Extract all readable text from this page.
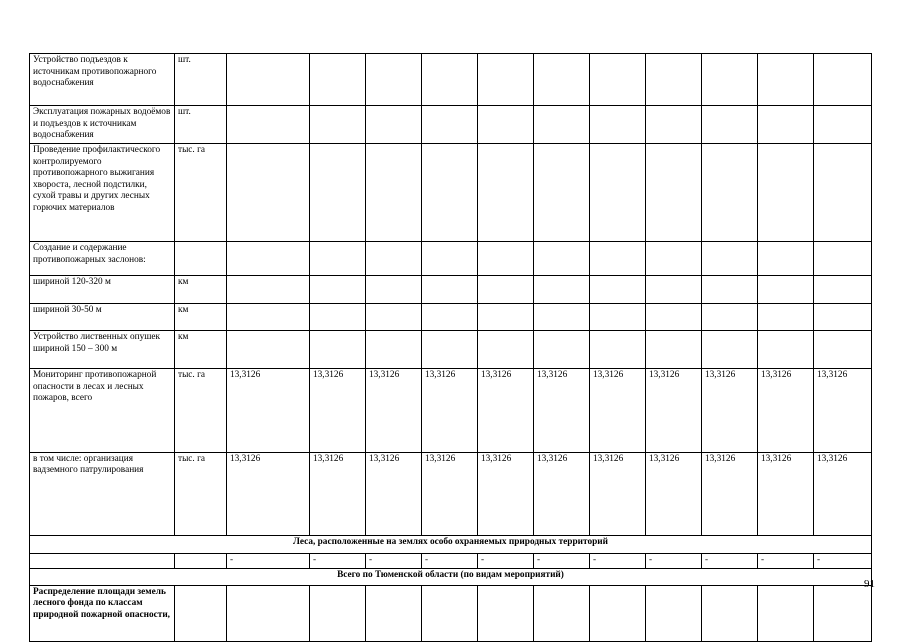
Устройство подъездов к источникам противопожарного водоснабжения	шт.												
Эксплуатация пожарных водоёмов и подъездов к источникам водоснабжения	шт.												
Проведение профилактического контролируемого противопожарного выжигания хвороста, лесной подстилки, сухой травы и других лесных горючих материалов	тыс. га												
Создание и содержание противопожарных заслонов:													
шириной 120-320 м	км												
шириной 30-50 м	км												
Устройство лиственных опушек шириной 150 – 300 м	км												
Мониторинг противопожарной опасности в лесах и лесных пожаров, всего	тыс. га	13,3126	13,3126	13,3126	13,3126	13,3126	13,3126	13,3126	13,3126	13,3126	13,3126	13,3126	
в том числе: организация вадземного патрулирования	тыс. га	13,3126	13,3126	13,3126	13,3126	13,3126	13,3126	13,3126	13,3126	13,3126	13,3126	13,3126	
Леса, расположенные на землях особо охраняемых природных территорий													
		-	-	-	-	-	-	-	-	-	-	-	
Всего по Тюменской области (по видам мероприятий)													
Распределение площади земель лесного фонда по классам природной пожарной опасности,													
91
